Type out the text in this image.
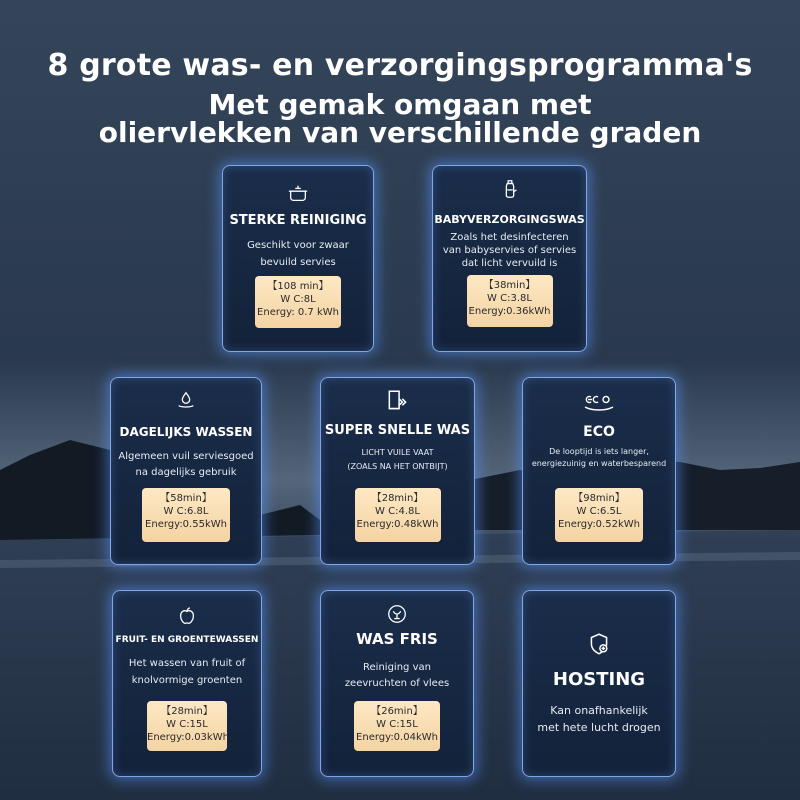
8 grote was- en verzorgingsprogramma's
Met gemak omgaan met
oliervlekken van verschillende graden
STERKE REINIGING
Geschikt voor zwaar
bevuild servies
【108 min】
W C:8L
Energy: 0.7 kWh
BABYVERZORGINGSWAS
Zoals het desinfecteren
van babyservies of servies
dat licht vervuild is
【38min】
W C:3.8L
Energy:0.36kWh
DAGELIJKS WASSEN
Algemeen vuil serviesgoed
na dagelijks gebruik
【58min】
W C:6.8L
Energy:0.55kWh
SUPER SNELLE WAS
LICHT VUILE VAAT
(ZOALS NA HET ONTBIJT)
【28min】
W C:4.8L
Energy:0.48kWh
ECO
De looptijd is iets langer,
energiezuinig en waterbesparend
【98min】
W C:6.5L
Energy:0.52kWh
FRUIT- EN GROENTEWASSEN
Het wassen van fruit of
knolvormige groenten
【28min】
W C:15L
Energy:0.03kWh
WAS FRIS
Reiniging van
zeevruchten of vlees
【26min】
W C:15L
Energy:0.04kWh
HOSTING
Kan onafhankelijk
met hete lucht drogen
